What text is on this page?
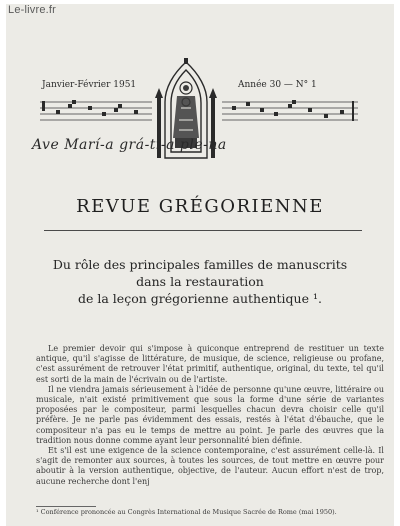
Le-livre.fr
Janvier-Février 1951	Année 30 — N° 1
Ave Marí-a grá-ti-a ple-na
REVUE GRÉGORIENNE
Du rôle des principales familles de manuscrits
dans la restauration
de la leçon grégorienne authentique ¹.

Le premier devoir qui s'impose à quiconque entreprend de restituer un texte antique, qu'il s'agisse de littérature, de musique, de science, religieuse ou profane, c'est assurément de retrouver l'état primitif, authentique, original, du texte, tel qu'il est sorti de la main de l'écrivain ou de l'artiste.

Il ne viendra jamais sérieusement à l'idée de personne qu'une œuvre, littéraire ou musicale, n'ait existé primitivement que sous la forme d'une série de variantes proposées par le compositeur, parmi lesquelles chacun devra choisir celle qu'il préfère. Je ne parle pas évidemment des essais, restés à l'état d'ébauche, que le compositeur n'a pas eu le temps de mettre au point. Je parle des œuvres que la tradition nous donne comme ayant leur personnalité bien définie.

Et s'il est une exigence de la science contemporaine, c'est assurément celle-là. Il s'agit de remonter aux sources, à toutes les sources, de tout mettre en œuvre pour aboutir à la version authentique, objective, de l'auteur. Aucun effort n'est de trop, aucune recherche dont l'enj

¹ Conférence prononcée au Congrès International de Musique Sacrée de Rome (mai 1950).
